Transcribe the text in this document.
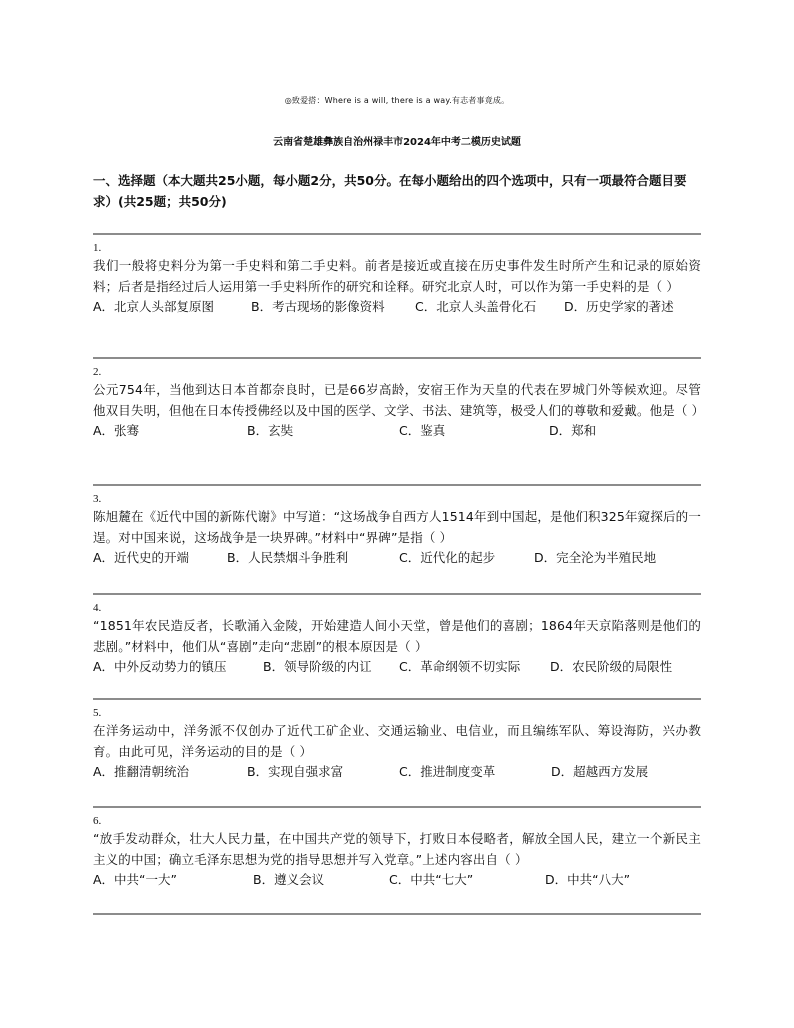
◎致爱搭：Where is a will, there is a way.有志者事竟成。
云南省楚雄彝族自治州禄丰市2024年中考二模历史试题
一、选择题（本大题共25小题，每小题2分，共50分。在每小题给出的四个选项中，只有一项最符合题目要求）(共25题；共50分)
1.
我们一般将史料分为第一手史料和第二手史料。前者是接近或直接在历史事件发生时所产生和记录的原始资料；后者是指经过后人运用第一手史料所作的研究和诠释。研究北京人时，可以作为第一手史料的是（ ）
A．北京人头部复原图	B．考古现场的影像资料 C．北京人头盖骨化石 D．历史学家的著述
2.
公元754年，当他到达日本首都奈良时，已是66岁高龄，安宿王作为天皇的代表在罗城门外等候欢迎。尽管他双目失明，但他在日本传授佛经以及中国的医学、文学、书法、建筑等，极受人们的尊敬和爱戴。他是（ ）
A．张骞	B．玄奘	C．鉴真	D．郑和
3.
陈旭麓在《近代中国的新陈代谢》中写道：“这场战争自西方人1514年到中国起，是他们积325年窥探后的一逞。对中国来说，这场战争是一块界碑。”材料中“界碑”是指（ ）
A．近代史的开端	B．人民禁烟斗争胜利	C．近代化的起步	D．完全沦为半殖民地
4.
“1851年农民造反者，长歌涌入金陵，开始建造人间小天堂，曾是他们的喜剧；1864年天京陷落则是他们的悲剧。”材料中，他们从“喜剧”走向“悲剧”的根本原因是（ ）
A．中外反动势力的镇压	B．领导阶级的内讧 C．革命纲领不切实际 D．农民阶级的局限性
5.
在洋务运动中，洋务派不仅创办了近代工矿企业、交通运输业、电信业，而且编练军队、筹设海防，兴办教育。由此可见，洋务运动的目的是（ ）
A．推翻清朝统治	B．实现自强求富	C．推进制度变革	D．超越西方发展
6.
“放手发动群众，壮大人民力量，在中国共产党的领导下，打败日本侵略者，解放全国人民，建立一个新民主主义的中国；确立毛泽东思想为党的指导思想并写入党章。”上述内容出自（ ）
A．中共“一大”	B．遵义会议	C．中共“七大”	D．中共“八大”
